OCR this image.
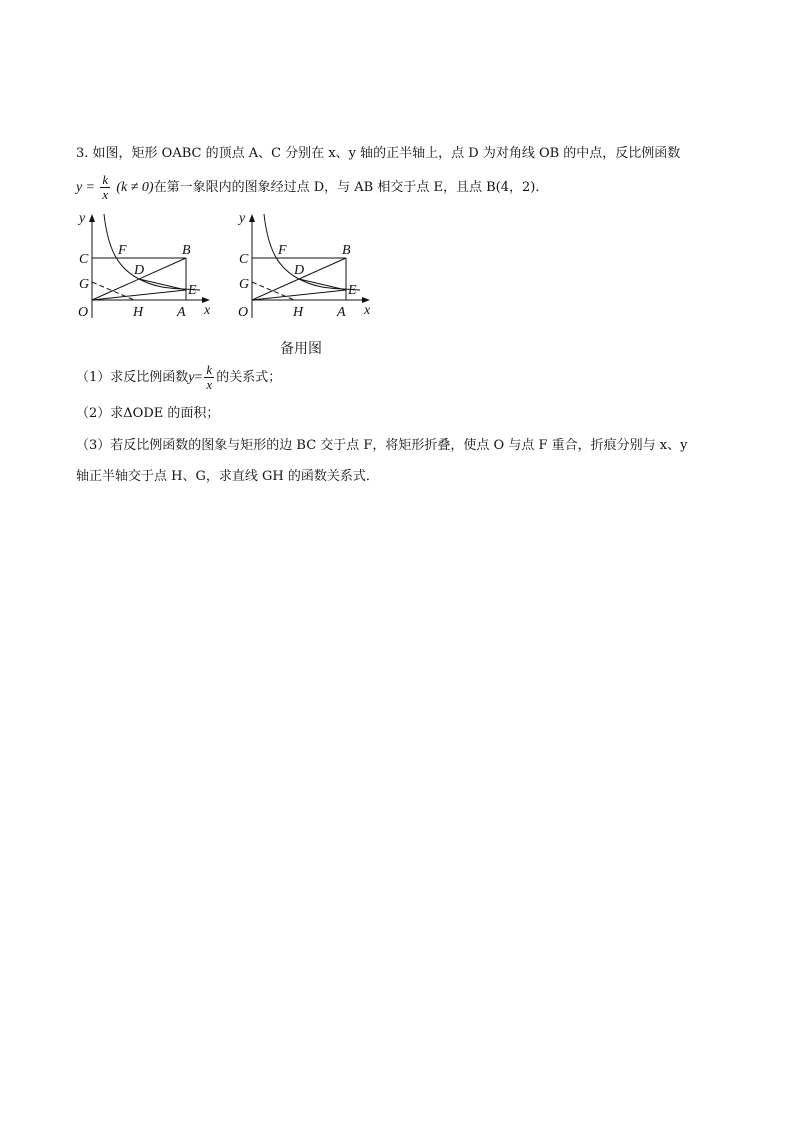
3. 如图，矩形 OABC 的顶点 A、C 分别在 x、y 轴的正半轴上，点 D 为对角线 OB 的中点，反比例函数
$y = \frac{k}{x} (k \ne 0)$在第一象限内的图象经过点 D，与 AB 相交于点 E，且点 B(4，2)．
y
x
C
F	B
D
G	E
O	H A
y
x
C
F	B
D
G	E
O	H A
备用图
（1）求反比例函数$y= \frac{k}{x}$ 的关系式；
（2）求ΔODE 的面积；
（3）若反比例函数的图象与矩形的边 BC 交于点 F，将矩形折叠，使点 O 与点 F 重合，折痕分别与 x、y
轴正半轴交于点 H、G，求直线 GH 的函数关系式．
